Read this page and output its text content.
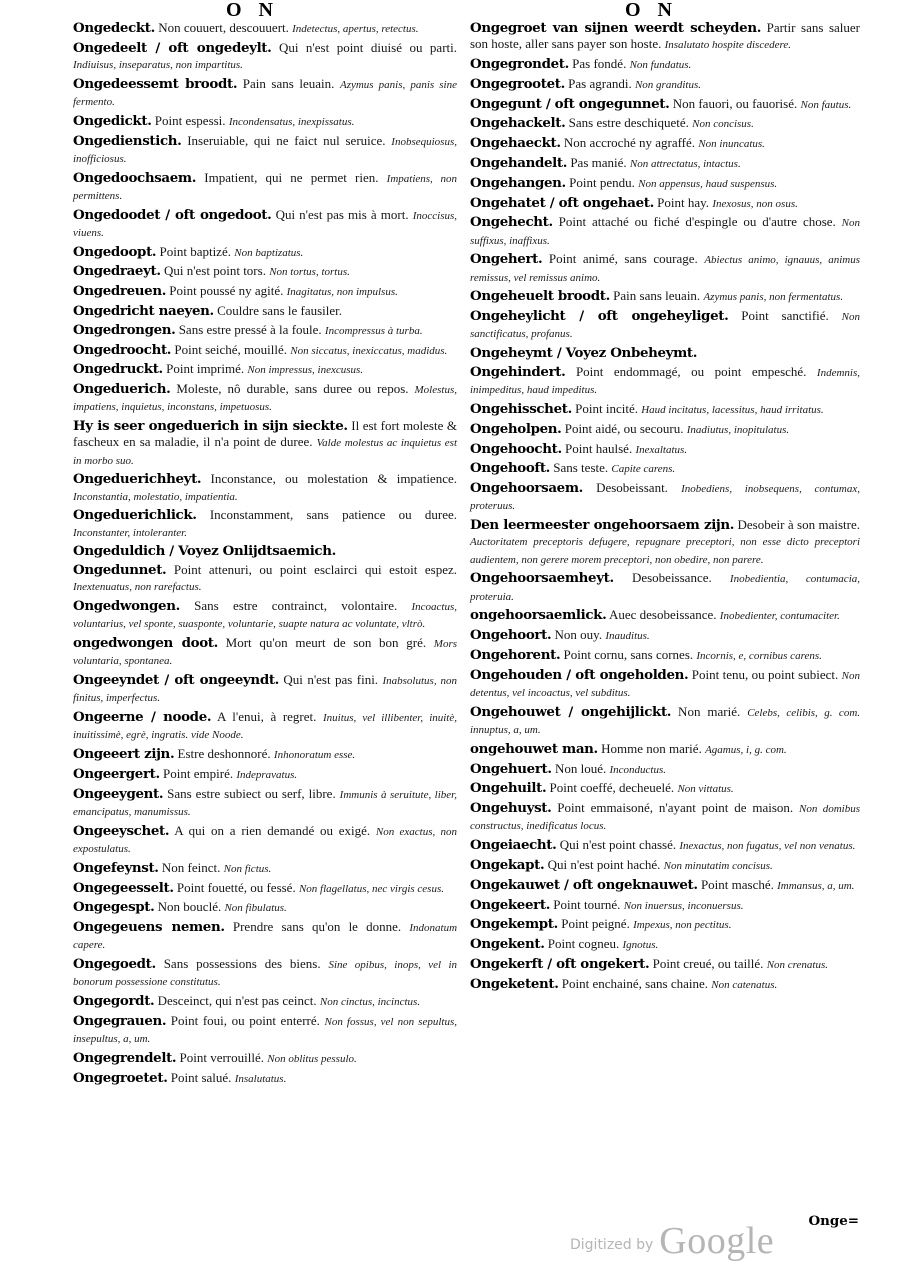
O N	O N
Ongedeckt. Non couuert, descouuert. Indetectus, apertus, retectus.
Ongedeelt / oft ongedeylt. Qui n'est point diuisé ou parti. Indiuisus, inseparatus, non impartitus.
Ongedeessemt broodt. Pain sans leuain. Azymus panis, panis sine fermento.
Ongedickt. Point espessi. Incondensatus, inexpissatus.
Ongedienstich. Inseruiable, qui ne faict nul seruice. Inobsequiosus, inofficiosus.
Ongedoochsaem. Impatient, qui ne permet rien. Impatiens, non permittens.
Ongedoodet / oft ongedoot. Qui n'est pas mis à mort. Inoccisus, viuens.
Ongedoopt. Point baptizé. Non baptizatus.
Ongedraeyt. Qui n'est point tors. Non tortus, tortus.
Ongedreuen. Point poussé ny agité. Inagitatus, non impulsus.
Ongedricht naeyen. Couldre sans le fausiler.
Ongedrongen. Sans estre pressé à la foule. Incompressus à turba.
Ongedroocht. Point seiché, mouillé. Non siccatus, inexiccatus, madidus.
Ongedruckt. Point imprimé. Non impressus, inexcusus.
Ongeduerich. Moleste, nô durable, sans duree ou repos. Molestus, impatiens, inquietus, inconstans, impetuosus.
Hy is seer ongeduerich in sijn sieckte. Il est fort moleste & fascheux en sa maladie, il n'a point de duree. Valde molestus ac inquietus est in morbo suo.
Ongeduerichheyt. Inconstance, ou molestation & impatience. Inconstantia, molestatio, impatientia.
Ongeduerichlick. Inconstamment, sans patience ou duree. Inconstanter, intoleranter.
Ongeduldich / Voyez Onlijdtsaemich.
Ongedunnet. Point attenuri, ou point esclairci qui estoit espez. Inextenuatus, non rarefactus.
Ongedwongen. Sans estre contrainct, volontaire. Incoactus, voluntarius, vel sponte, suasponte, voluntarie, suapte natura ac voluntate, vltrò.
ongedwongen doot. Mort qu'on meurt de son bon gré. Mors voluntaria, spontanea.
Ongeeyndet / oft ongeeyndt. Qui n'est pas fini. Inabsolutus, non finitus, imperfectus.
Ongeerne / noode. A l'enui, à regret. Inuitus, vel illibenter, inuitè, inuitissimè, egrè, ingratis. vide Noode.
Ongeeert zijn. Estre deshonnoré. Inhonoratum esse.
Ongeergert. Point empiré. Indepravatus.
Ongeeygent. Sans estre subiect ou serf, libre. Immunis à seruitute, liber, emancipatus, manumissus.
Ongeeyschet. A qui on a rien demandé ou exigé. Non exactus, non expostulatus.
Ongefeynst. Non feinct. Non fictus.
Ongegeesselt. Point fouetté, ou fessé. Non flagellatus, nec virgis cesus.
Ongegespt. Non bouclé. Non fibulatus.
Ongegeuens nemen. Prendre sans qu'on le donne. Indonatum capere.
Ongegoedt. Sans possessions des biens. Sine opibus, inops, vel in bonorum possessione constitutus.
Ongegordt. Desceinct, qui n'est pas ceinct. Non cinctus, incinctus.
Ongegrauen. Point foui, ou point enterré. Non fossus, vel non sepultus, insepultus, a, um.
Ongegrendelt. Point verrouillé. Non oblitus pessulo.
Ongegroetet. Point salué. Insalutatus.
Ongegroet van sijnen weerdt scheyden. Partir sans saluer son hoste, aller sans payer son hoste. Insalutato hospite discedere.
Ongegrondet. Pas fondé. Non fundatus.
Ongegrootet. Pas agrandi. Non granditus.
Ongegunt / oft ongegunnet. Non fauori, ou fauorisé. Non fautus.
Ongehackelt. Sans estre deschiqueté. Non concisus.
Ongehaeckt. Non accroché ny agraffé. Non inuncatus.
Ongehandelt. Pas manié. Non attrectatus, intactus.
Ongehangen. Point pendu. Non appensus, haud suspensus.
Ongehatet / oft ongehaet. Point hay. Inexosus, non osus.
Ongehecht. Point attaché ou fiché d'espingle ou d'autre chose. Non suffixus, inaffixus.
Ongehert. Point animé, sans courage. Abiectus animo, ignauus, animus remissus, vel remissus animo.
Ongeheuelt broodt. Pain sans leuain. Azymus panis, non fermentatus.
Ongeheylicht / oft ongeheyliget. Point sanctifié. Non sanctificatus, profanus.
Ongeheymt / Voyez Onbeheymt.
Ongehindert. Point endommagé, ou point empesché. Indemnis, inimpeditus, haud impeditus.
Ongehisschet. Point incité. Haud incitatus, lacessitus, haud irritatus.
Ongeholpen. Point aidé, ou secouru. Inadiutus, inopitulatus.
Ongehoocht. Point haulsé. Inexaltatus.
Ongehooft. Sans teste. Capite carens.
Ongehoorsaem. Desobeissant. Inobediens, inobsequens, contumax, proteruus.
Den leermeester ongehoorsaem zijn. Desobeir à son maistre. Auctoritatem preceptoris defugere, repugnare preceptori, non esse dicto preceptori audientem, non gerere morem preceptori, non obedire, non parere.
Ongehoorsaemheyt. Desobeissance. Inobedientia, contumacia, proteruia.
ongehoorsaemlick. Auec desobeissance. Inobedienter, contumaciter.
Ongehoort. Non ouy. Inauditus.
Ongehorent. Point cornu, sans cornes. Incornis, e, cornibus carens.
Ongehouden / oft ongeholden. Point tenu, ou point subiect. Non detentus, vel incoactus, vel subditus.
Ongehouwet / ongehijlickt. Non marié. Celebs, celibis, g. com. innuptus, a, um.
ongehouwet man. Homme non marié. Agamus, i, g. com.
Ongehuert. Non loué. Inconductus.
Ongehuilt. Point coeffé, decheuelé. Non vittatus.
Ongehuyst. Point emmaisoné, n'ayant point de maison. Non domibus constructus, inedificatus locus.
Ongeiaecht. Qui n'est point chassé. Inexactus, non fugatus, vel non venatus.
Ongekapt. Qui n'est point haché. Non minutatim concisus.
Ongekauwet / oft ongeknauwet. Point masché. Immansus, a, um.
Ongekeert. Point tourné. Non inuersus, inconuersus.
Ongekempt. Point peigné. Impexus, non pectitus.
Ongekent. Point cogneu. Ignotus.
Ongekerft / oft ongekert. Point creué, ou taillé. Non crenatus.
Ongeketent. Point enchainé, sans chaine. Non catenatus.
Onge=
Digitized by Google
